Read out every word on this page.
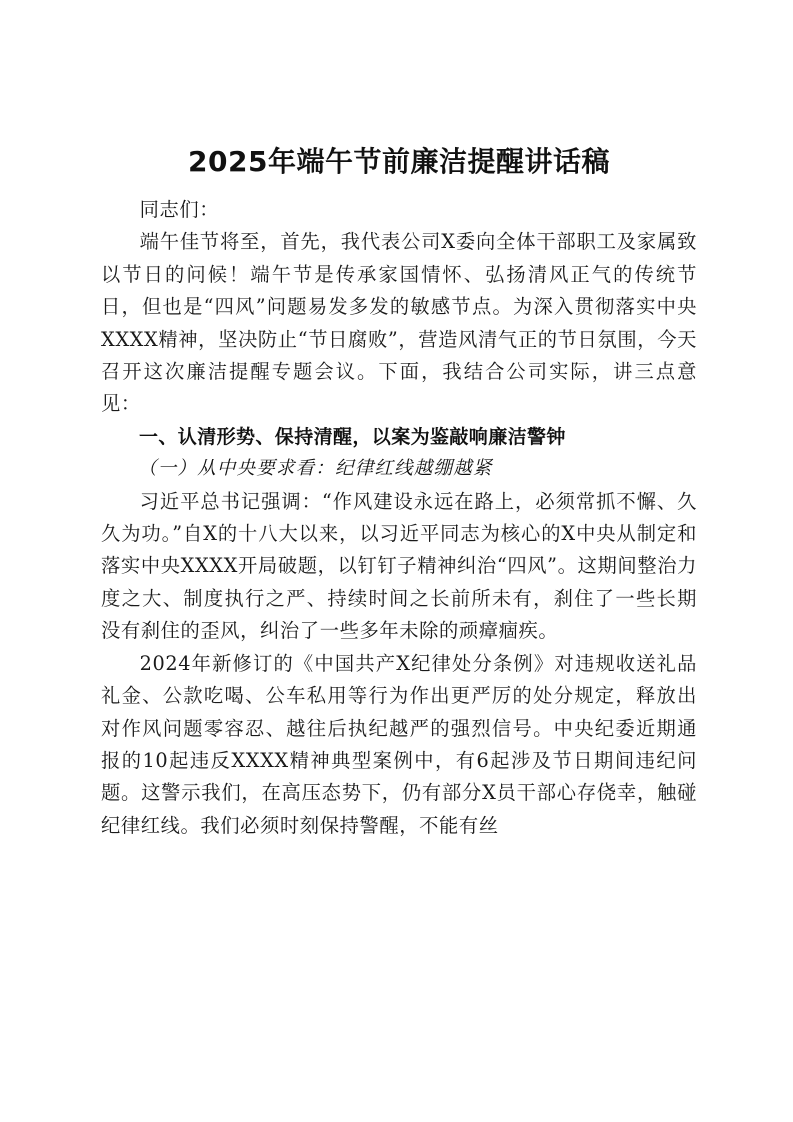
2025年端午节前廉洁提醒讲话稿

同志们：

端午佳节将至，首先，我代表公司X委向全体干部职工及家属致以节日的问候！端午节是传承家国情怀、弘扬清风正气的传统节日，但也是“四风”问题易发多发的敏感节点。为深入贯彻落实中央XXXX精神，坚决防止“节日腐败”，营造风清气正的节日氛围，今天召开这次廉洁提醒专题会议。下面，我结合公司实际，讲三点意见：

一、认清形势、保持清醒，以案为鉴敲响廉洁警钟

（一）从中央要求看：纪律红线越绷越紧

习近平总书记强调：“作风建设永远在路上，必须常抓不懈、久久为功。”自X的十八大以来，以习近平同志为核心的X中央从制定和落实中央XXXX开局破题，以钉钉子精神纠治“四风”。这期间整治力度之大、制度执行之严、持续时间之长前所未有，刹住了一些长期没有刹住的歪风，纠治了一些多年未除的顽瘴痼疾。

2024年新修订的《中国共产X纪律处分条例》对违规收送礼品礼金、公款吃喝、公车私用等行为作出更严厉的处分规定，释放出对作风问题零容忍、越往后执纪越严的强烈信号。中央纪委近期通报的10起违反XXXX精神典型案例中，有6起涉及节日期间违纪问题。这警示我们，在高压态势下，仍有部分X员干部心存侥幸，触碰纪律红线。我们必须时刻保持警醒，不能有丝
